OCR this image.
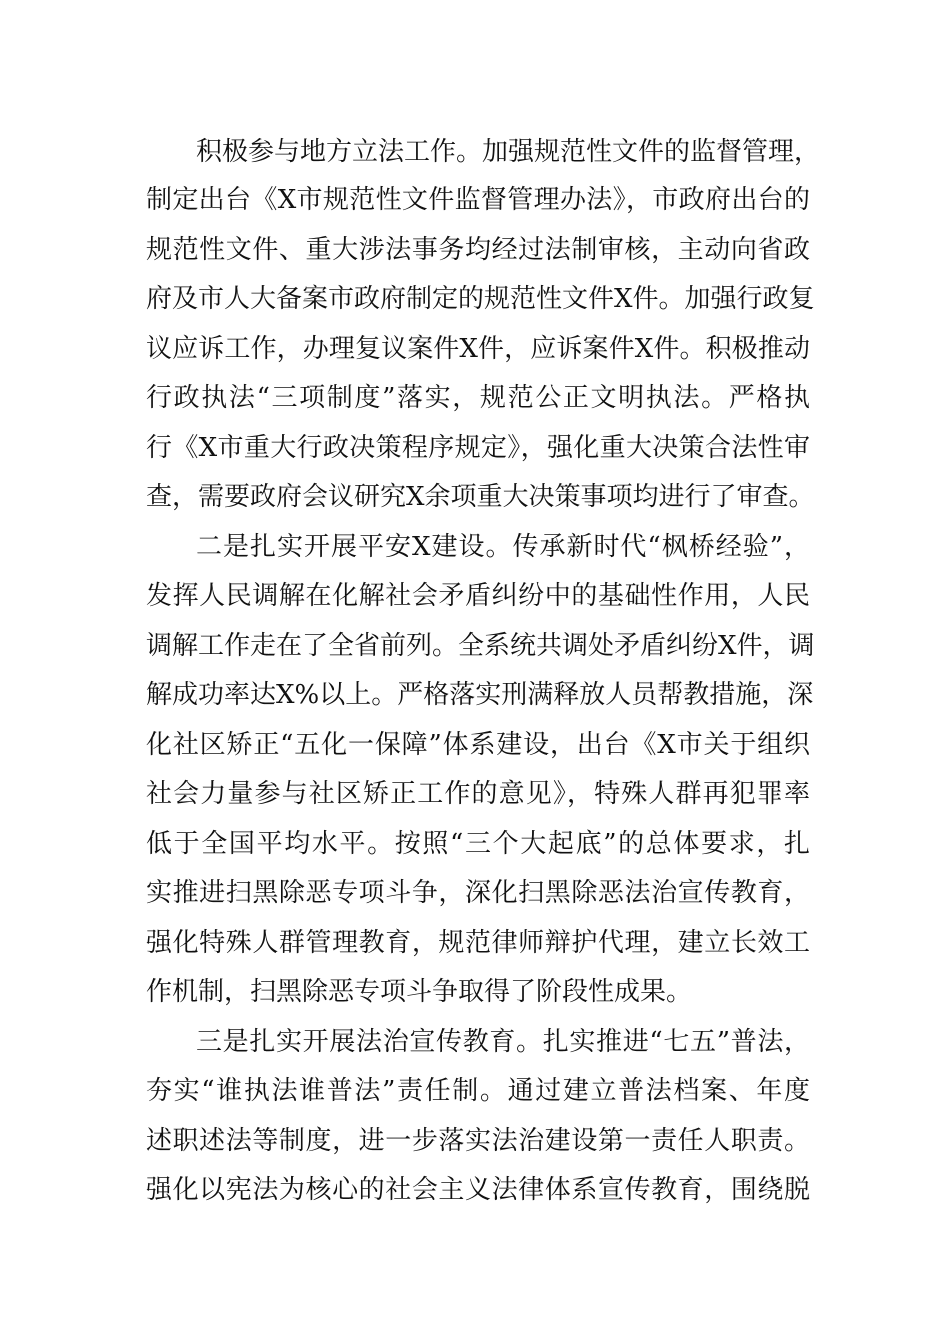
积极参与地方立法工作。加强规范性文件的监督管理，
制定出台《X市规范性文件监督管理办法》，市政府出台的
规范性文件、重大涉法事务均经过法制审核，主动向省政
府及市人大备案市政府制定的规范性文件X件。加强行政复
议应诉工作，办理复议案件X件，应诉案件X件。积极推动
行政执法“三项制度”落实，规范公正文明执法。严格执
行《X市重大行政决策程序规定》，强化重大决策合法性审
查，需要政府会议研究X余项重大决策事项均进行了审查。
二是扎实开展平安X建设。传承新时代“枫桥经验”，
发挥人民调解在化解社会矛盾纠纷中的基础性作用，人民
调解工作走在了全省前列。全系统共调处矛盾纠纷X件，调
解成功率达X%以上。严格落实刑满释放人员帮教措施，深
化社区矫正“五化一保障”体系建设，出台《X市关于组织
社会力量参与社区矫正工作的意见》，特殊人群再犯罪率
低于全国平均水平。按照“三个大起底”的总体要求，扎
实推进扫黑除恶专项斗争，深化扫黑除恶法治宣传教育，
强化特殊人群管理教育，规范律师辩护代理，建立长效工
作机制，扫黑除恶专项斗争取得了阶段性成果。
三是扎实开展法治宣传教育。扎实推进“七五”普法，
夯实“谁执法谁普法”责任制。通过建立普法档案、年度
述职述法等制度，进一步落实法治建设第一责任人职责。
强化以宪法为核心的社会主义法律体系宣传教育，围绕脱
